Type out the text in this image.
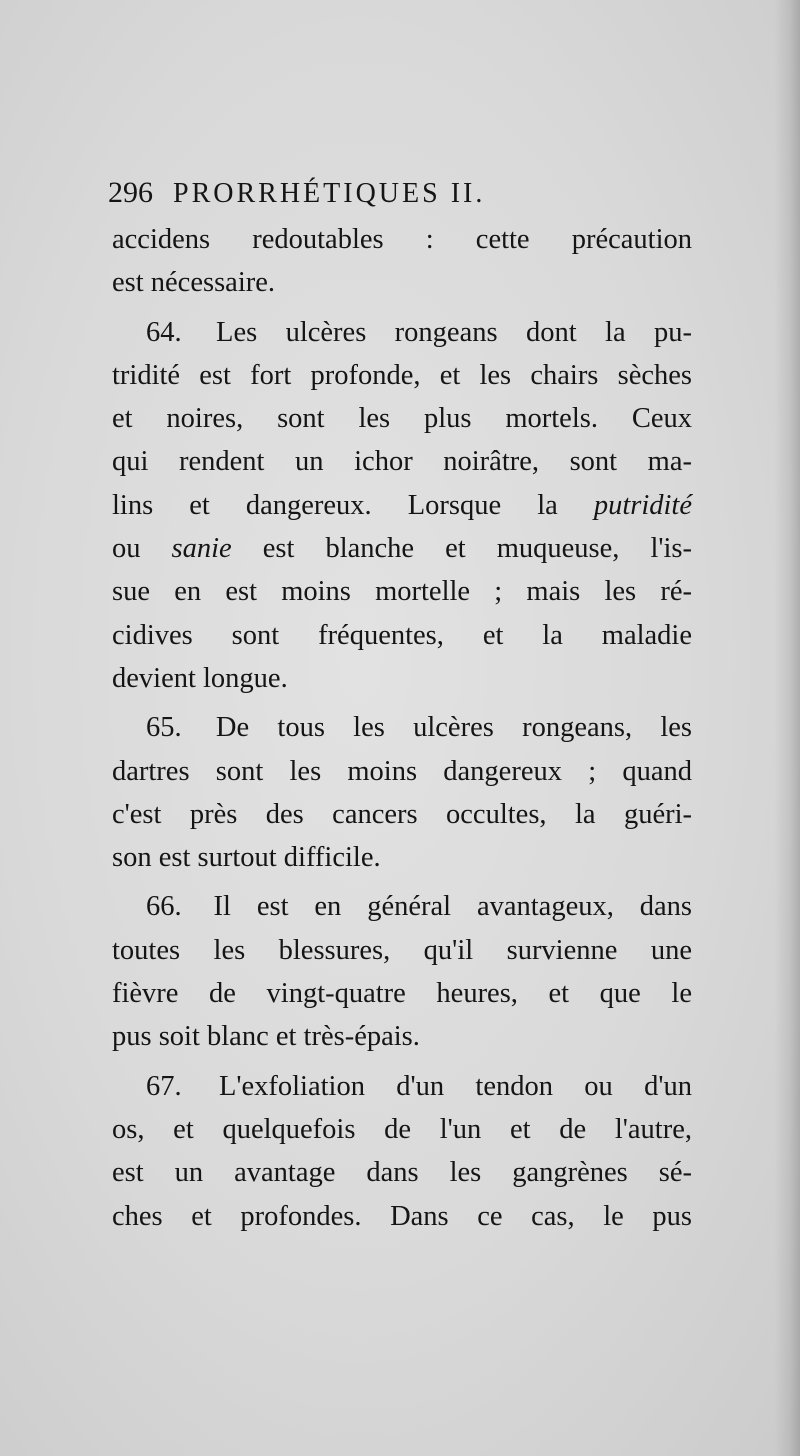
296 PRORRHÉTIQUES II.
accidens redoutables : cette précaution
est nécessaire.
64. Les ulcères rongeans dont la pu-
tridité est fort profonde, et les chairs sèches
et noires, sont les plus mortels. Ceux
qui rendent un ichor noirâtre, sont ma-
lins et dangereux. Lorsque la putridité
ou sanie est blanche et muqueuse, l'is-
sue en est moins mortelle ; mais les ré-
cidives sont fréquentes, et la maladie
devient longue.
65. De tous les ulcères rongeans, les
dartres sont les moins dangereux ; quand
c'est près des cancers occultes, la guéri-
son est surtout difficile.
66. Il est en général avantageux, dans
toutes les blessures, qu'il survienne une
fièvre de vingt-quatre heures, et que le
pus soit blanc et très-épais.
67. L'exfoliation d'un tendon ou d'un
os, et quelquefois de l'un et de l'autre,
est un avantage dans les gangrènes sé-
ches et profondes. Dans ce cas, le pus
